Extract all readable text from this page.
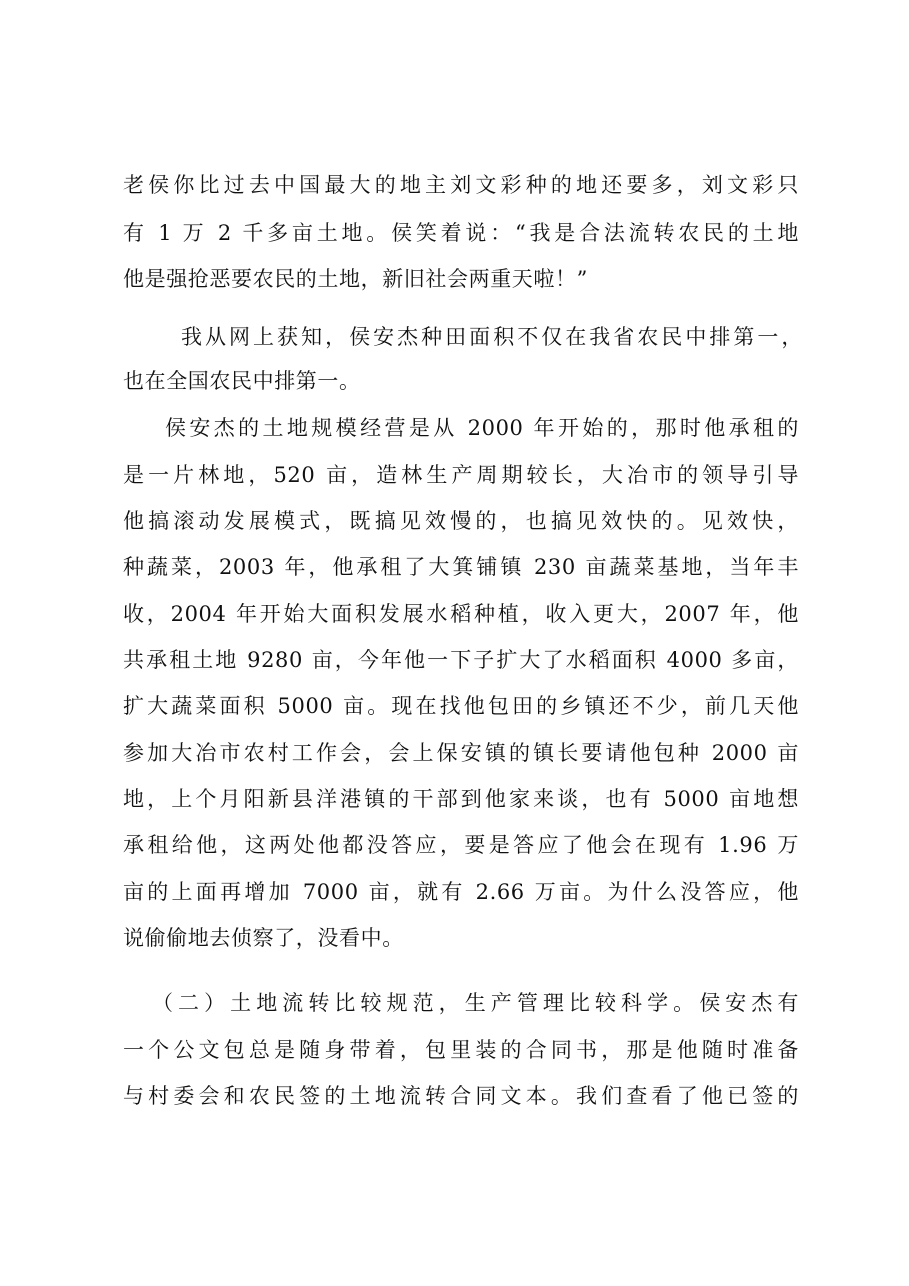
老侯你比过去中国最大的地主刘文彩种的地还要多，刘文彩只
有 1 万 2 千多亩土地。侯笑着说：“我是合法流转农民的土地
他是强抢恶要农民的土地，新旧社会两重天啦！”
我从网上获知，侯安杰种田面积不仅在我省农民中排第一，
也在全国农民中排第一。
侯安杰的土地规模经营是从 2000 年开始的，那时他承租的
是一片林地，520 亩，造林生产周期较长，大冶市的领导引导
他搞滚动发展模式，既搞见效慢的，也搞见效快的。见效快，
种蔬菜，2003 年，他承租了大箕铺镇 230 亩蔬菜基地，当年丰
收，2004 年开始大面积发展水稻种植，收入更大，2007 年，他
共承租土地 9280 亩，今年他一下子扩大了水稻面积 4000 多亩，
扩大蔬菜面积 5000 亩。现在找他包田的乡镇还不少，前几天他
参加大冶市农村工作会，会上保安镇的镇长要请他包种 2000 亩
地，上个月阳新县洋港镇的干部到他家来谈，也有 5000 亩地想
承租给他，这两处他都没答应，要是答应了他会在现有 1.96 万
亩的上面再增加 7000 亩，就有 2.66 万亩。为什么没答应，他
说偷偷地去侦察了，没看中。
（二）土地流转比较规范，生产管理比较科学。侯安杰有
一个公文包总是随身带着，包里装的合同书，那是他随时准备
与村委会和农民签的土地流转合同文本。我们查看了他已签的
